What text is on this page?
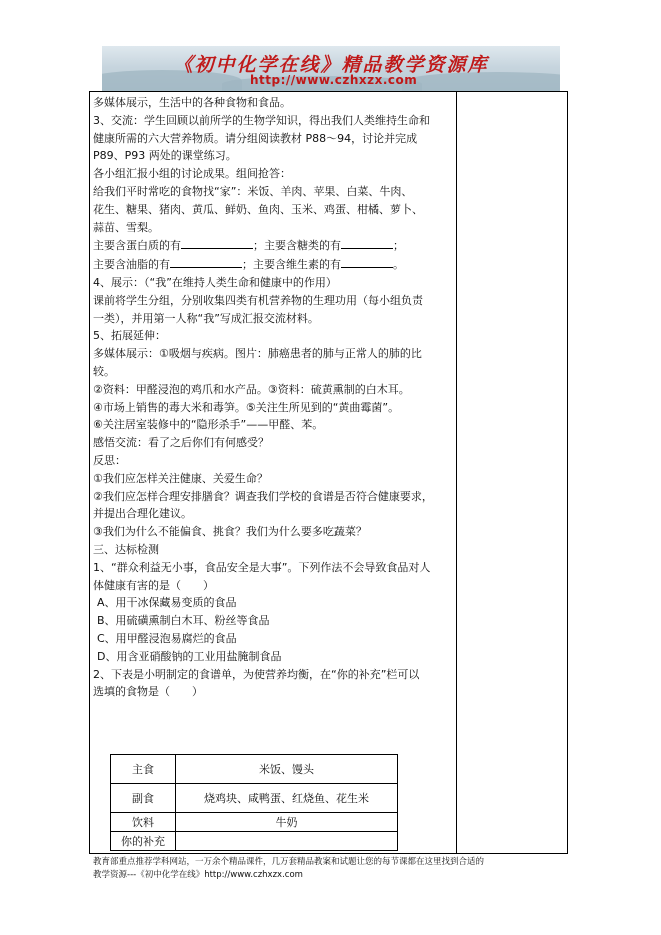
《初中化学在线》精品教学资源库
http://www.czhxzx.com

多媒体展示，生活中的各种食物和食品。

3、交流：学生回顾以前所学的生物学知识，得出我们人类维持生命和

健康所需的六大营养物质。请分组阅读教材 P88～94，讨论并完成

P89、P93 两处的课堂练习。

各小组汇报小组的讨论成果。组间抢答：

给我们平时常吃的食物找“家”：米饭、羊肉、苹果、白菜、牛肉、

花生、糖果、猪肉、黄瓜、鲜奶、鱼肉、玉米、鸡蛋、柑橘、萝卜、

蒜苗、雪梨。

主要含蛋白质的有	；主要含糖类的有	；

主要含油脂的有	；主要含维生素的有	。

4、展示：（“我”在维持人类生命和健康中的作用）

课前将学生分组，分别收集四类有机营养物的生理功用（每小组负责

一类），并用第一人称“我”写成汇报交流材料。

5、拓展延伸：

多媒体展示：①吸烟与疾病。图片：肺癌患者的肺与正常人的肺的比

较。

②资料：甲醛浸泡的鸡爪和水产品。③资料：硫黄熏制的白木耳。

④市场上销售的毒大米和毒笋。⑤关注生所见到的“黄曲霉菌”。

⑥关注居室装修中的“隐形杀手”——甲醛、苯。

感悟交流：看了之后你们有何感受？

反思：

①我们应怎样关注健康、关爱生命？

②我们应怎样合理安排膳食？调查我们学校的食谱是否符合健康要求，

并提出合理化建议。

③我们为什么不能偏食、挑食？我们为什么要多吃蔬菜？

三、达标检测

1、“群众利益无小事，食品安全是大事”。下列作法不会导致食品对人

体健康有害的是（　　）

A、用干冰保藏易变质的食品

B、用硫磺熏制白木耳、粉丝等食品

C、用甲醛浸泡易腐烂的食品

D、用含亚硝酸钠的工业用盐腌制食品

2、下表是小明制定的食谱单，为使营养均衡，在“你的补充”栏可以

选填的食物是（　　）

主食	米饭、馒头
副食	烧鸡块、咸鸭蛋、红烧鱼、花生米
饮料	牛奶
你的补充	
教育部重点推荐学科网站，一万余个精品课件，几万套精品教案和试题让您的每节课都在这里找到合适的
教学资源---《初中化学在线》http://www.czhxzx.com
